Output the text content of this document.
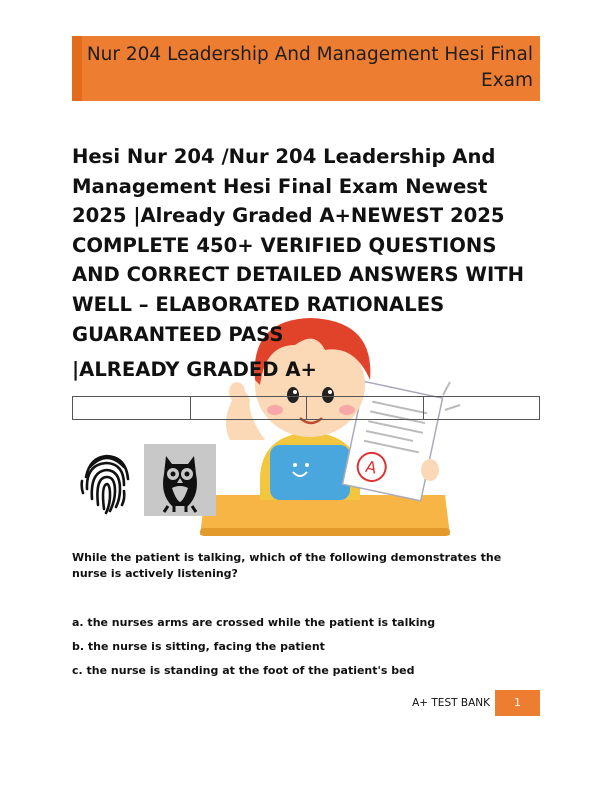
Nur 204 Leadership And Management Hesi Final Exam
A
Hesi Nur 204 /Nur 204 Leadership And Management Hesi Final Exam Newest 2025 |Already Graded A+NEWEST 2025 COMPLETE 450+ VERIFIED QUESTIONS AND CORRECT DETAILED ANSWERS WITH WELL – ELABORATED RATIONALES GUARANTEED PASS
|ALREADY GRADED A+

While the patient is talking, which of the following demonstrates the nurse is actively listening?

a. the nurses arms are crossed while the patient is talking

b. the nurse is sitting, facing the patient

c. the nurse is standing at the foot of the patient's bed

A+ TEST BANK	1
